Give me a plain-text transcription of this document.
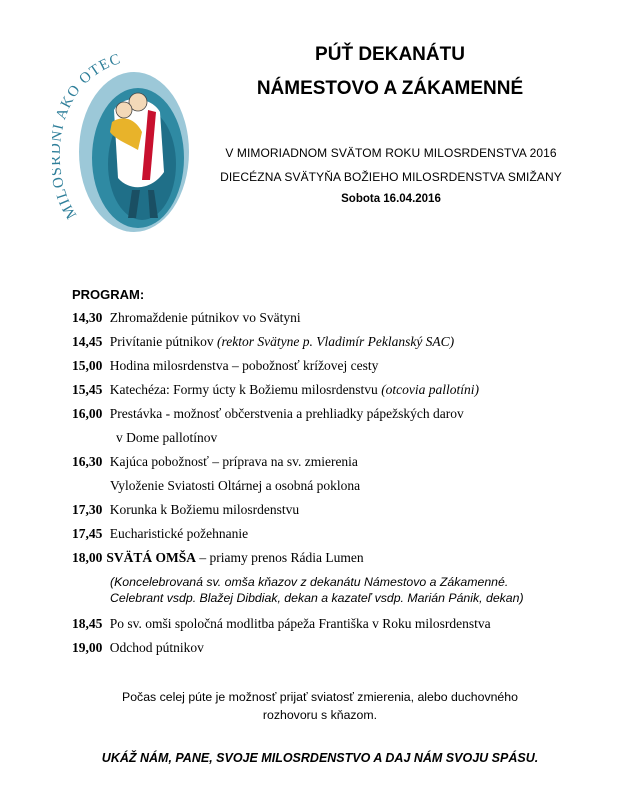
MIL Í AKO OTEC	PÚŤ DEKANÁTU
NÁMESTOVO A ZÁKAMENNÉ
V MIMORIADNOM SVÄTOM ROKU MILOSRDENSTVA 2016
DIECÉZNA SVÄTYŇA BOŽIEHO MILOSRDENSTVA SMIŽANY
Sobota 16.04.2016
PROGRAM:
14,30 Zhromaždenie pútnikov vo Svätyni
14,45 Privítanie pútnikov (rektor Svätyne p. Vladimír Peklanský SAC)
15,00 Hodina milosrdenstva – pobožnosť krížovej cesty
15,45 Katechéza: Formy úcty k Božiemu milosrdenstvu (otcovia pallotíni)
16,00 Prestávka - možnosť občerstvenia a prehliadky pápežských darov
v Dome pallotínov
16,30 Kajúca pobožnosť – príprava na sv. zmierenia
Vyloženie Sviatosti Oltárnej a osobná poklona
17,30 Korunka k Božiemu milosrdenstvu
17,45 Eucharistické požehnanie
18,00 SVÄTÁ OMŠA – priamy prenos Rádia Lumen
(Koncelebrovaná sv. omša kňazov z dekanátu Námestovo a Zákamenné.
Celebrant vsdp. Blažej Dibdiak, dekan a kazateľ vsdp. Marián Pánik, dekan)
18,45 Po sv. omši spoločná modlitba pápeža Františka v Roku milosrdenstva
19,00 Odchod pútnikov
Počas celej púte je možnosť prijať sviatosť zmierenia, alebo duchovného
rozhovoru s kňazom.
UKÁŽ NÁM, PANE, SVOJE MILOSRDENSTVO A DAJ NÁM SVOJU SPÁSU.
